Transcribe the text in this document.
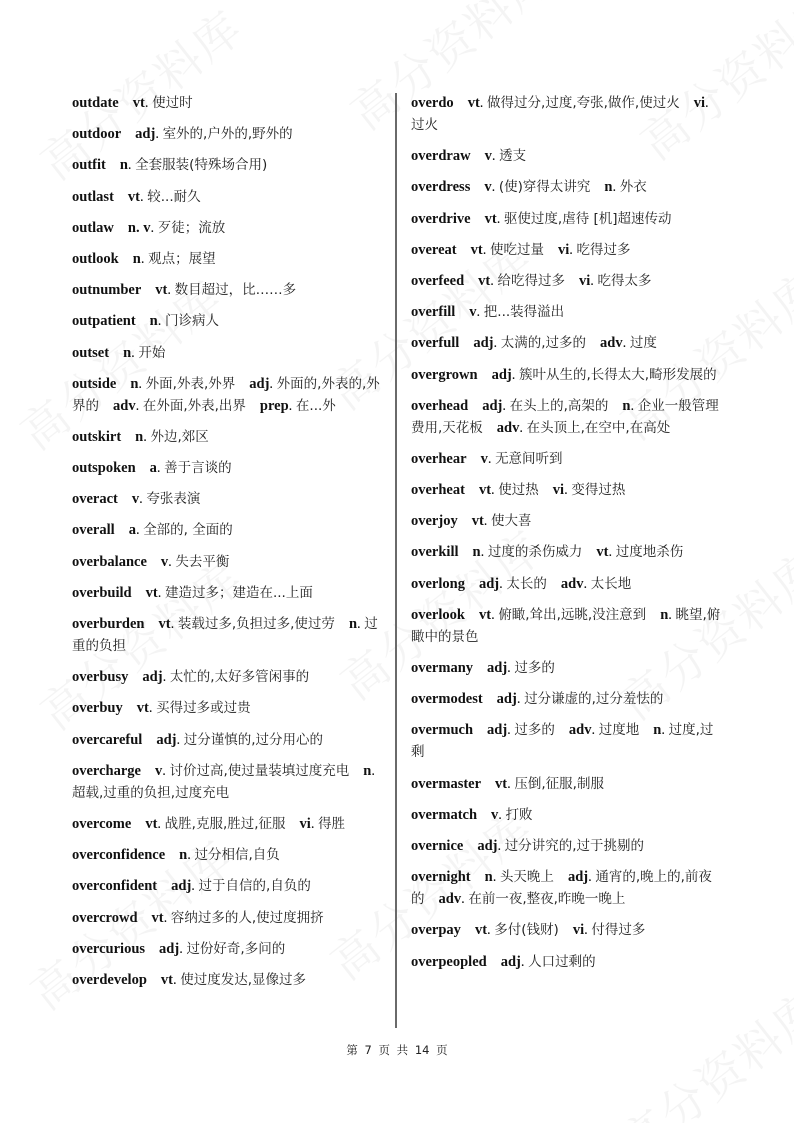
outdate vt. 使过时
outdoor adj. 室外的,户外的,野外的
outfit n. 全套服装(特殊场合用)
outlast vt. 较...耐久
outlaw n. v. 歹徒；流放
outlook n. 观点；展望
outnumber vt. 数目超过，比……多
outpatient n. 门诊病人
outset n. 开始
outside n. 外面,外表,外界 adj. 外面的,外表的,外界的 adv. 在外面,外表,出界 prep. 在...外
outskirt n. 外边,郊区
outspoken a. 善于言谈的
overact v. 夸张表演
overall a. 全部的, 全面的
overbalance v. 失去平衡
overbuild vt. 建造过多；建造在...上面
overburden vt. 装载过多,负担过多,使过劳 n. 过重的负担
overbusy adj. 太忙的,太好多管闲事的
overbuy vt. 买得过多或过贵
overcareful adj. 过分谨慎的,过分用心的
overcharge v. 讨价过高,使过量装填过度充电 n. 超载,过重的负担,过度充电
overcome vt. 战胜,克服,胜过,征服 vi. 得胜
overconfidence n. 过分相信,自负
overconfident adj. 过于自信的,自负的
overcrowd vt. 容纳过多的人,使过度拥挤
overcurious adj. 过份好奇,多问的
overdevelop vt. 使过度发达,显像过多
overdo vt. 做得过分,过度,夸张,做作,使过火 vi. 过火
overdraw v. 透支
overdress v. (使)穿得太讲究 n. 外衣
overdrive vt. 驱使过度,虐待 [机]超速传动
overeat vt. 使吃过量 vi. 吃得过多
overfeed vt. 给吃得过多 vi. 吃得太多
overfill v. 把...装得溢出
overfull adj. 太满的,过多的 adv. 过度
overgrown adj. 簇叶从生的,长得太大,畸形发展的
overhead adj. 在头上的,高架的 n. 企业一般管理费用,天花板 adv. 在头顶上,在空中,在高处
overhear v. 无意间听到
overheat vt. 使过热 vi. 变得过热
overjoy vt. 使大喜
overkill n. 过度的杀伤威力 vt. 过度地杀伤
overlong adj. 太长的 adv. 太长地
overlook vt. 俯瞰,耸出,远眺,没注意到 n. 眺望,俯瞰中的景色
overmany adj. 过多的
overmodest adj. 过分谦虚的,过分羞怯的
overmuch adj. 过多的 adv. 过度地 n. 过度,过剩
overmaster vt. 压倒,征服,制服
overmatch v. 打败
overnice adj. 过分讲究的,过于挑剔的
overnight n. 头天晚上 adj. 通宵的,晚上的,前夜的 adv. 在前一夜,整夜,昨晚一晚上
overpay vt. 多付(钱财) vi. 付得过多
overpeopled adj. 人口过剩的
第 7 页 共 14 页
